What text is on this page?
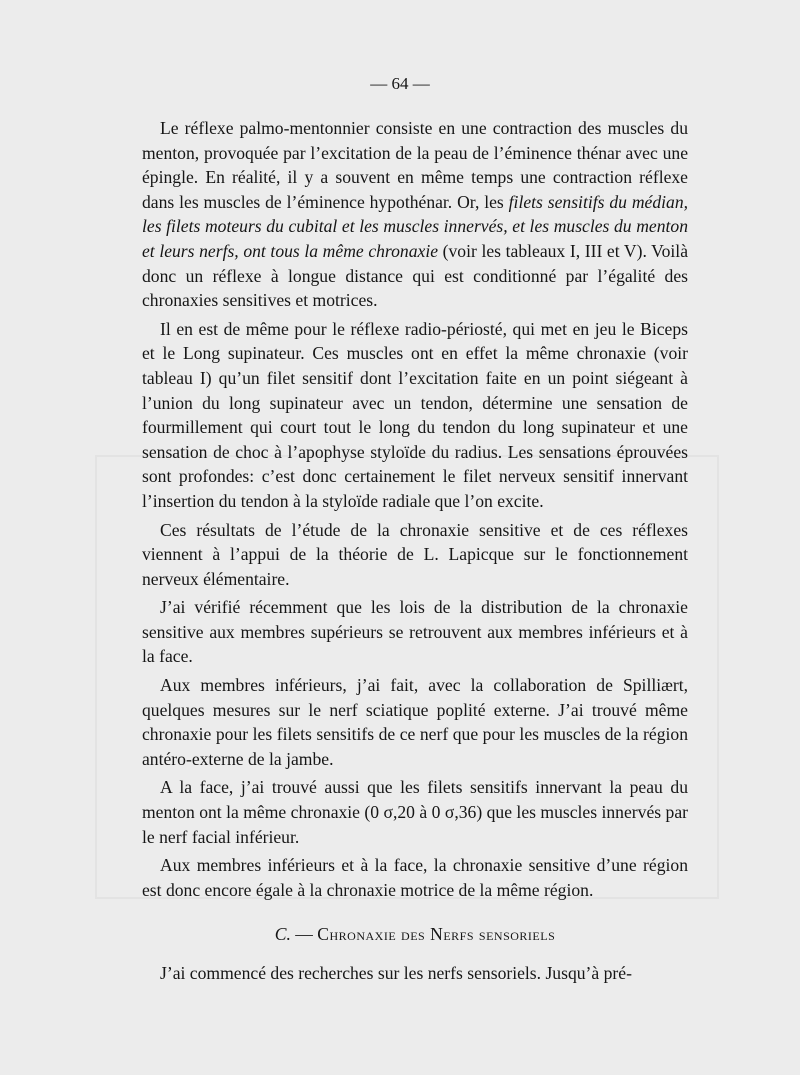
— 64 —

Le réflexe palmo-mentonnier consiste en une contraction des muscles du menton, provoquée par l’excitation de la peau de l’éminence thénar avec une épingle. En réalité, il y a souvent en même temps une contraction réflexe dans les muscles de l’éminence hypothénar. Or, les filets sensitifs du médian, les filets moteurs du cubital et les muscles innervés, et les muscles du menton et leurs nerfs, ont tous la même chronaxie (voir les tableaux I, III et V). Voilà donc un réflexe à longue distance qui est conditionné par l’égalité des chronaxies sensitives et motrices.

Il en est de même pour le réflexe radio-périosté, qui met en jeu le Biceps et le Long supinateur. Ces muscles ont en effet la même chronaxie (voir tableau I) qu’un filet sensitif dont l’excitation faite en un point siégeant à l’union du long supinateur avec un tendon, détermine une sensation de fourmillement qui court tout le long du tendon du long supinateur et une sensation de choc à l’apophyse styloïde du radius. Les sensations éprouvées sont profondes: c’est donc certainement le filet nerveux sensitif innervant l’insertion du tendon à la styloïde radiale que l’on excite.

Ces résultats de l’étude de la chronaxie sensitive et de ces réflexes viennent à l’appui de la théorie de L. Lapicque sur le fonctionnement nerveux élémentaire.

J’ai vérifié récemment que les lois de la distribution de la chronaxie sensitive aux membres supérieurs se retrouvent aux membres inférieurs et à la face.

Aux membres inférieurs, j’ai fait, avec la collaboration de Spilliært, quelques mesures sur le nerf sciatique poplité externe. J’ai trouvé même chronaxie pour les filets sensitifs de ce nerf que pour les muscles de la région antéro-externe de la jambe.

A la face, j’ai trouvé aussi que les filets sensitifs innervant la peau du menton ont la même chronaxie (0 σ,20 à 0 σ,36) que les muscles innervés par le nerf facial inférieur.

Aux membres inférieurs et à la face, la chronaxie sensitive d’une région est donc encore égale à la chronaxie motrice de la même région.

C. — Chronaxie des Nerfs sensoriels

J’ai commencé des recherches sur les nerfs sensoriels. Jusqu’à pré-
